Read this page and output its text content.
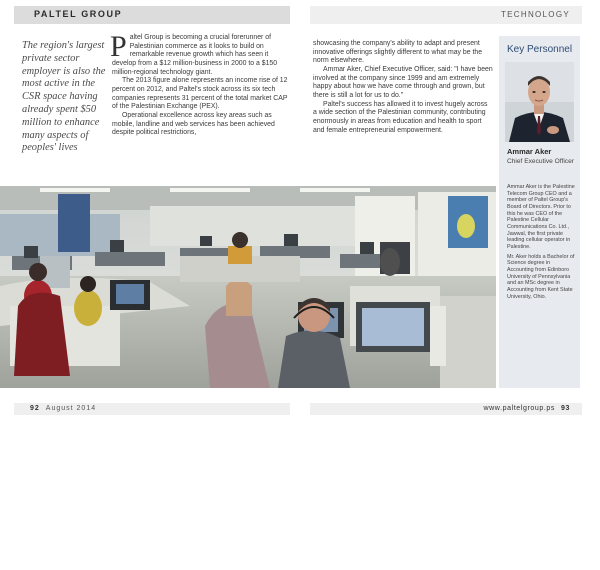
PALTEL GROUP	TECHNOLOGY
The region's largest private sector employer is also the most active in the CSR space having already spent $50 million to enhance many aspects of peoples' lives

Paltel Group is becoming a crucial forerunner of Palestinian commerce as it looks to build on remarkable revenue growth which has seen it develop from a $12 million-business in 2000 to a $150 million-regional technology giant.

The 2013 figure alone represents an income rise of 12 percent on 2012, and Paltel's stock across its six tech companies represents 31 percent of the total market CAP of the Palestinian Exchange (PEX).

Operational excellence across key areas such as mobile, landline and web services has been achieved despite political restrictions,

showcasing the company's ability to adapt and present innovative offerings slightly different to what may be the norm elsewhere.

Ammar Aker, Chief Executive Officer, said: "I have been involved at the company since 1999 and am extremely happy about how we have come through and grown, but there is still a lot for us to do."

Paltel's success has allowed it to invest hugely across a wide section of the Palestinian community, contributing enormously in areas from education and health to sport and female entrepreneurial empowerment.

Key Personnel
Ammar Aker
Chief Executive Officer

Ammar Aker is the Palestine Telecom Group CEO and a member of Paltel Group's Board of Directors. Prior to this he was CEO of the Palestine Cellular Communications Co. Ltd., Jawwal, the first private leading cellular operator in Palestine.

Mr. Aker holds a Bachelor of Science degree in Accounting from Edinboro University of Pennsylvania and an MSc degree in Accounting from Kent State University, Ohio.

Reach Contact Center in Ramallah - The first call center in Palestine
92 August 2014	www.paltelgroup.ps 93
